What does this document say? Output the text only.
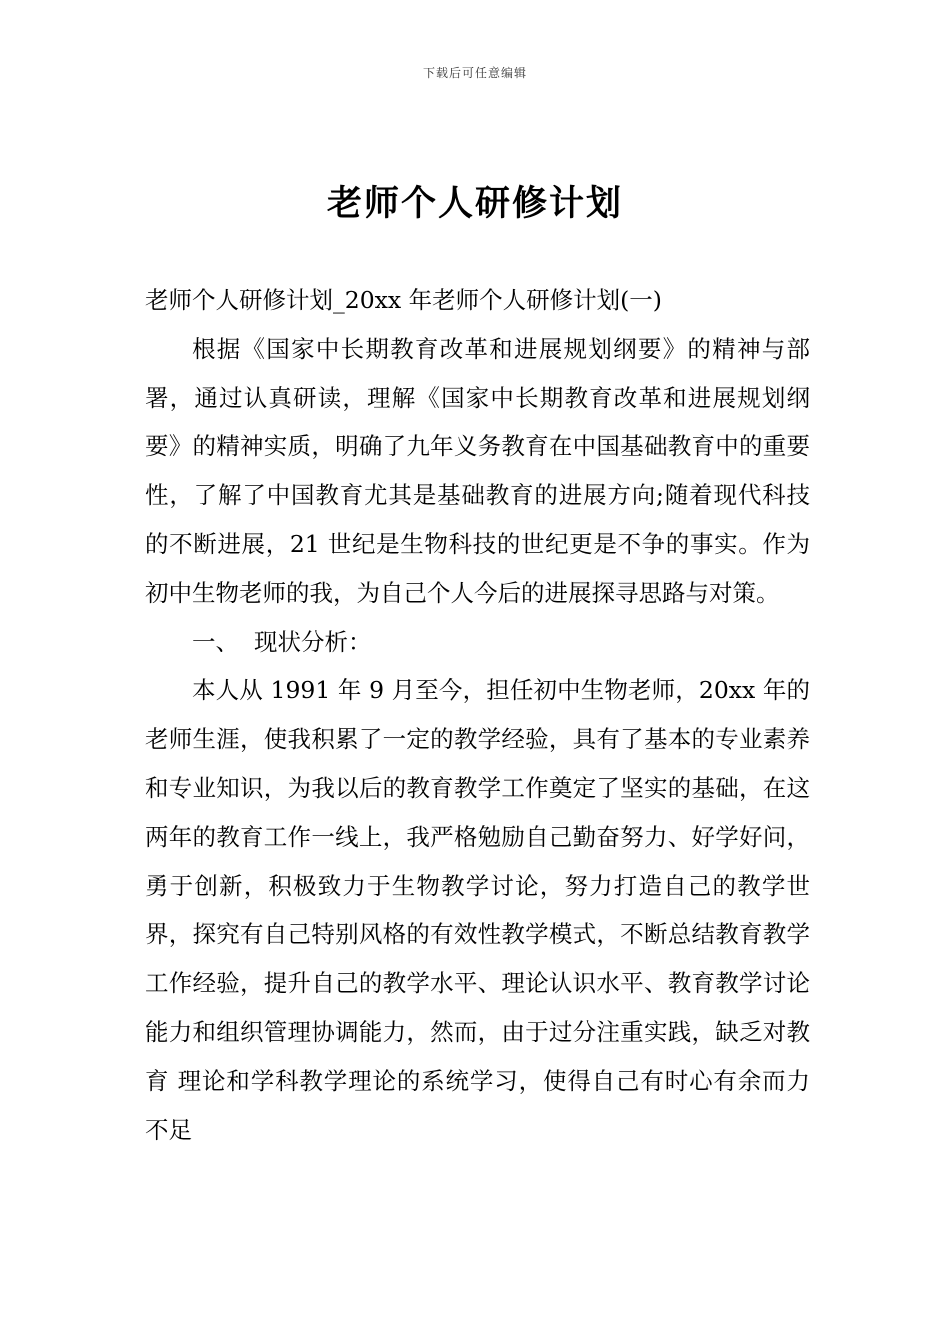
下载后可任意编辑
老师个人研修计划

老师个人研修计划_20xx 年老师个人研修计划(一)

根据《国家中长期教育改革和进展规划纲要》的精神与部署，通过认真研读，理解《国家中长期教育改革和进展规划纲要》的精神实质，明确了九年义务教育在中国基础教育中的重要性，了解了中国教育尤其是基础教育的进展方向;随着现代科技的不断进展，21 世纪是生物科技的世纪更是不争的事实。作为初中生物老师的我，为自己个人今后的进展探寻思路与对策。

一、  现状分析：

本人从 1991 年 9 月至今，担任初中生物老师，20xx 年的老师生涯，使我积累了一定的教学经验，具有了基本的专业素养和专业知识，为我以后的教育教学工作奠定了坚实的基础，在这两年的教育工作一线上，我严格勉励自己勤奋努力、好学好问，勇于创新，积极致力于生物教学讨论，努力打造自己的教学世界，探究有自己特别风格的有效性教学模式，不断总结教育教学工作经验，提升自己的教学水平、理论认识水平、教育教学讨论能力和组织管理协调能力，然而，由于过分注重实践，缺乏对教育 理论和学科教学理论的系统学习，使得自己有时心有余而力不足
